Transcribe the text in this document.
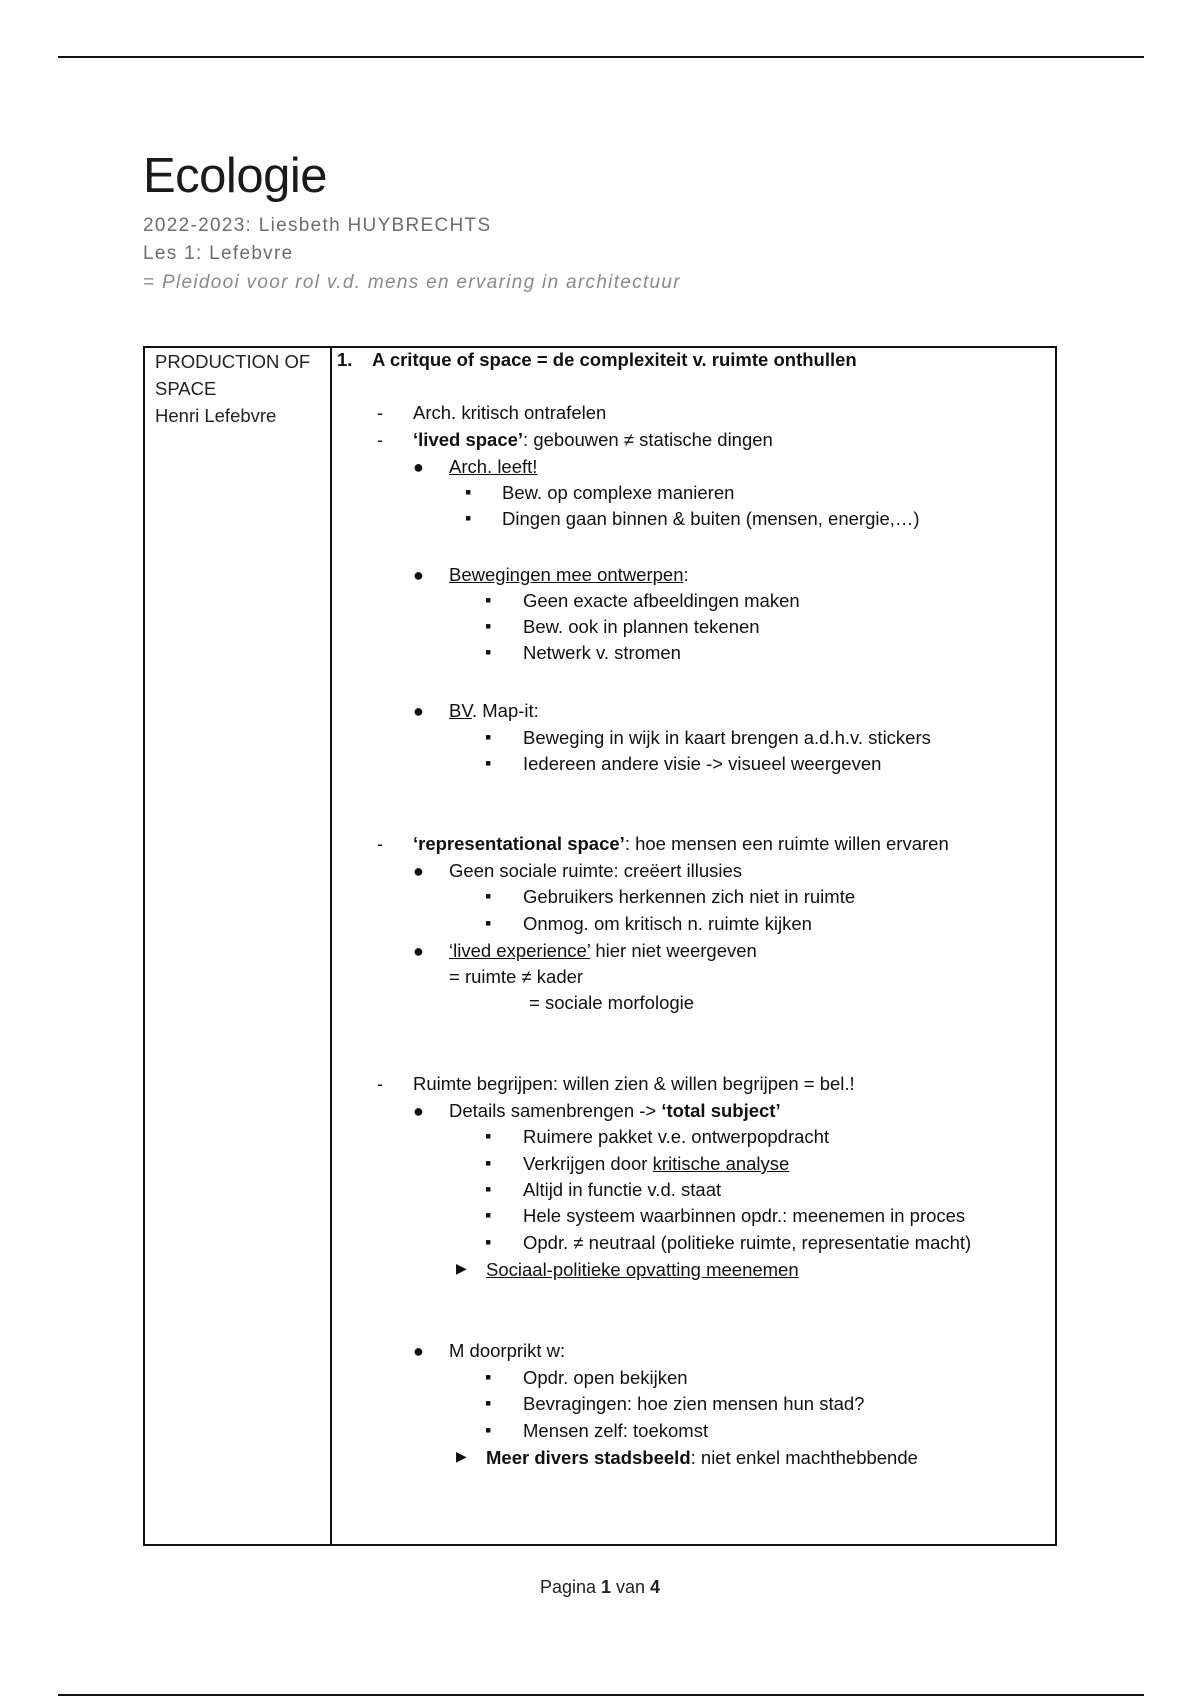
Ecologie
2022-2023: Liesbeth HUYBRECHTS
Les 1: Lefebvre
= Pleidooi voor rol v.d. mens en ervaring in architectuur
PRODUCTION OF
SPACE
Henri Lefebvre
1. A critque of space = de complexiteit v. ruimte onthullen
- Arch. kritisch ontrafelen
- ‘lived space’: gebouwen ≠ statische dingen
● Arch. leeft!
▪ Bew. op complexe manieren
▪ Dingen gaan binnen & buiten (mensen, energie,…)
● Bewegingen mee ontwerpen:
▪ Geen exacte afbeeldingen maken
▪ Bew. ook in plannen tekenen
▪ Netwerk v. stromen
● BV. Map-it:
▪ Beweging in wijk in kaart brengen a.d.h.v. stickers
▪ Iedereen andere visie -> visueel weergeven
- ‘representational space’: hoe mensen een ruimte willen ervaren
● Geen sociale ruimte: creëert illusies
▪ Gebruikers herkennen zich niet in ruimte
▪ Onmog. om kritisch n. ruimte kijken
● ‘lived experience’ hier niet weergeven
= ruimte ≠ kader
= sociale morfologie
- Ruimte begrijpen: willen zien & willen begrijpen = bel.!
● Details samenbrengen -> ‘total subject’
▪ Ruimere pakket v.e. ontwerpopdracht
▪ Verkrijgen door kritische analyse
▪ Altijd in functie v.d. staat
▪ Hele systeem waarbinnen opdr.: meenemen in proces
▪ Opdr. ≠ neutraal (politieke ruimte, representatie macht)
▶ Sociaal-politieke opvatting meenemen
● M doorprikt w:
▪ Opdr. open bekijken
▪ Bevragingen: hoe zien mensen hun stad?
▪ Mensen zelf: toekomst
▶ Meer divers stadsbeeld: niet enkel machthebbende
Pagina 1 van 4
